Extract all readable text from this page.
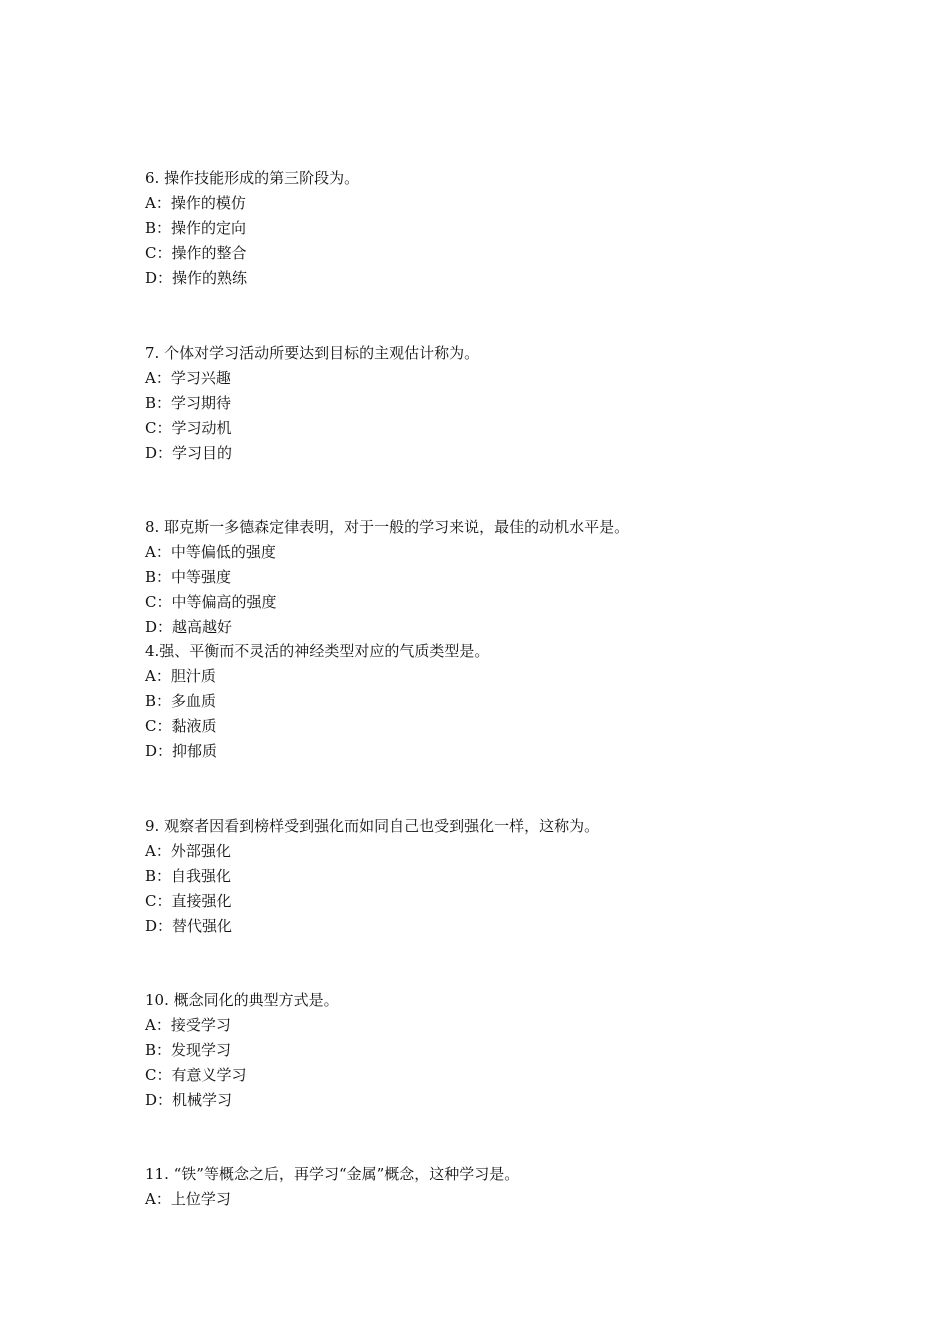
6. 操作技能形成的第三阶段为。
A：操作的模仿
B：操作的定向
C：操作的整合
D：操作的熟练
7. 个体对学习活动所要达到目标的主观估计称为。
A：学习兴趣
B：学习期待
C：学习动机
D：学习目的
8. 耶克斯一多德森定律表明，对于一般的学习来说，最佳的动机水平是。
A：中等偏低的强度
B：中等强度
C：中等偏高的强度
D：越高越好
4.强、平衡而不灵活的神经类型对应的气质类型是。
A：胆汁质
B：多血质
C：黏液质
D：抑郁质
9. 观察者因看到榜样受到强化而如同自己也受到强化一样，这称为。
A：外部强化
B：自我强化
C：直接强化
D：替代强化
10. 概念同化的典型方式是。
A：接受学习
B：发现学习
C：有意义学习
D：机械学习
11. “铁”等概念之后，再学习“金属”概念，这种学习是。
A：上位学习
